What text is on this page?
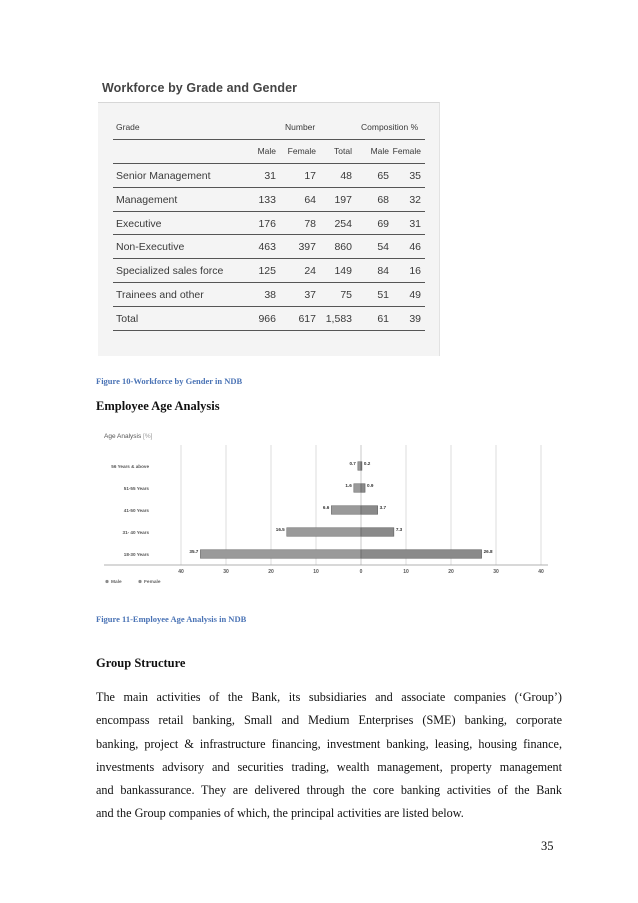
Workforce by Grade and Gender
Grade	Number	Composition %
Male	Female	Total	Male Female
Senior Management	31	17	48	65	35
Management	133	64	197	68	32
Executive	176	78	254	69	31
Non-Executive	463	397	860	54	46
Specialized sales force	125	24	149	84	16
Trainees and other	38	37	75	51	49
Total	966	617 1,583	61	39
Figure 10-Workforce by Gender in NDB
Employee Age Analysis
Age Analysis [%]
40	30	20	10	0	10	20	30	40
56 Years & above
0.7 0.2
51-55 Years
1.6	0.9
41-50 Years
6.6	3.7
31- 40 Years
16.5	7.3
18-30 Years
35.7	26.8
Male	Female
Figure 11-Employee Age Analysis in NDB
Group Structure
The main activities of the Bank, its subsidiaries and associate companies (‘Group’)
encompass retail banking, Small and Medium Enterprises (SME) banking, corporate
banking, project & infrastructure financing, investment banking, leasing, housing finance,
investments advisory and securities trading, wealth management, property management
and bankassurance. They are delivered through the core banking activities of the Bank
and the Group companies of which, the principal activities are listed below.
35
